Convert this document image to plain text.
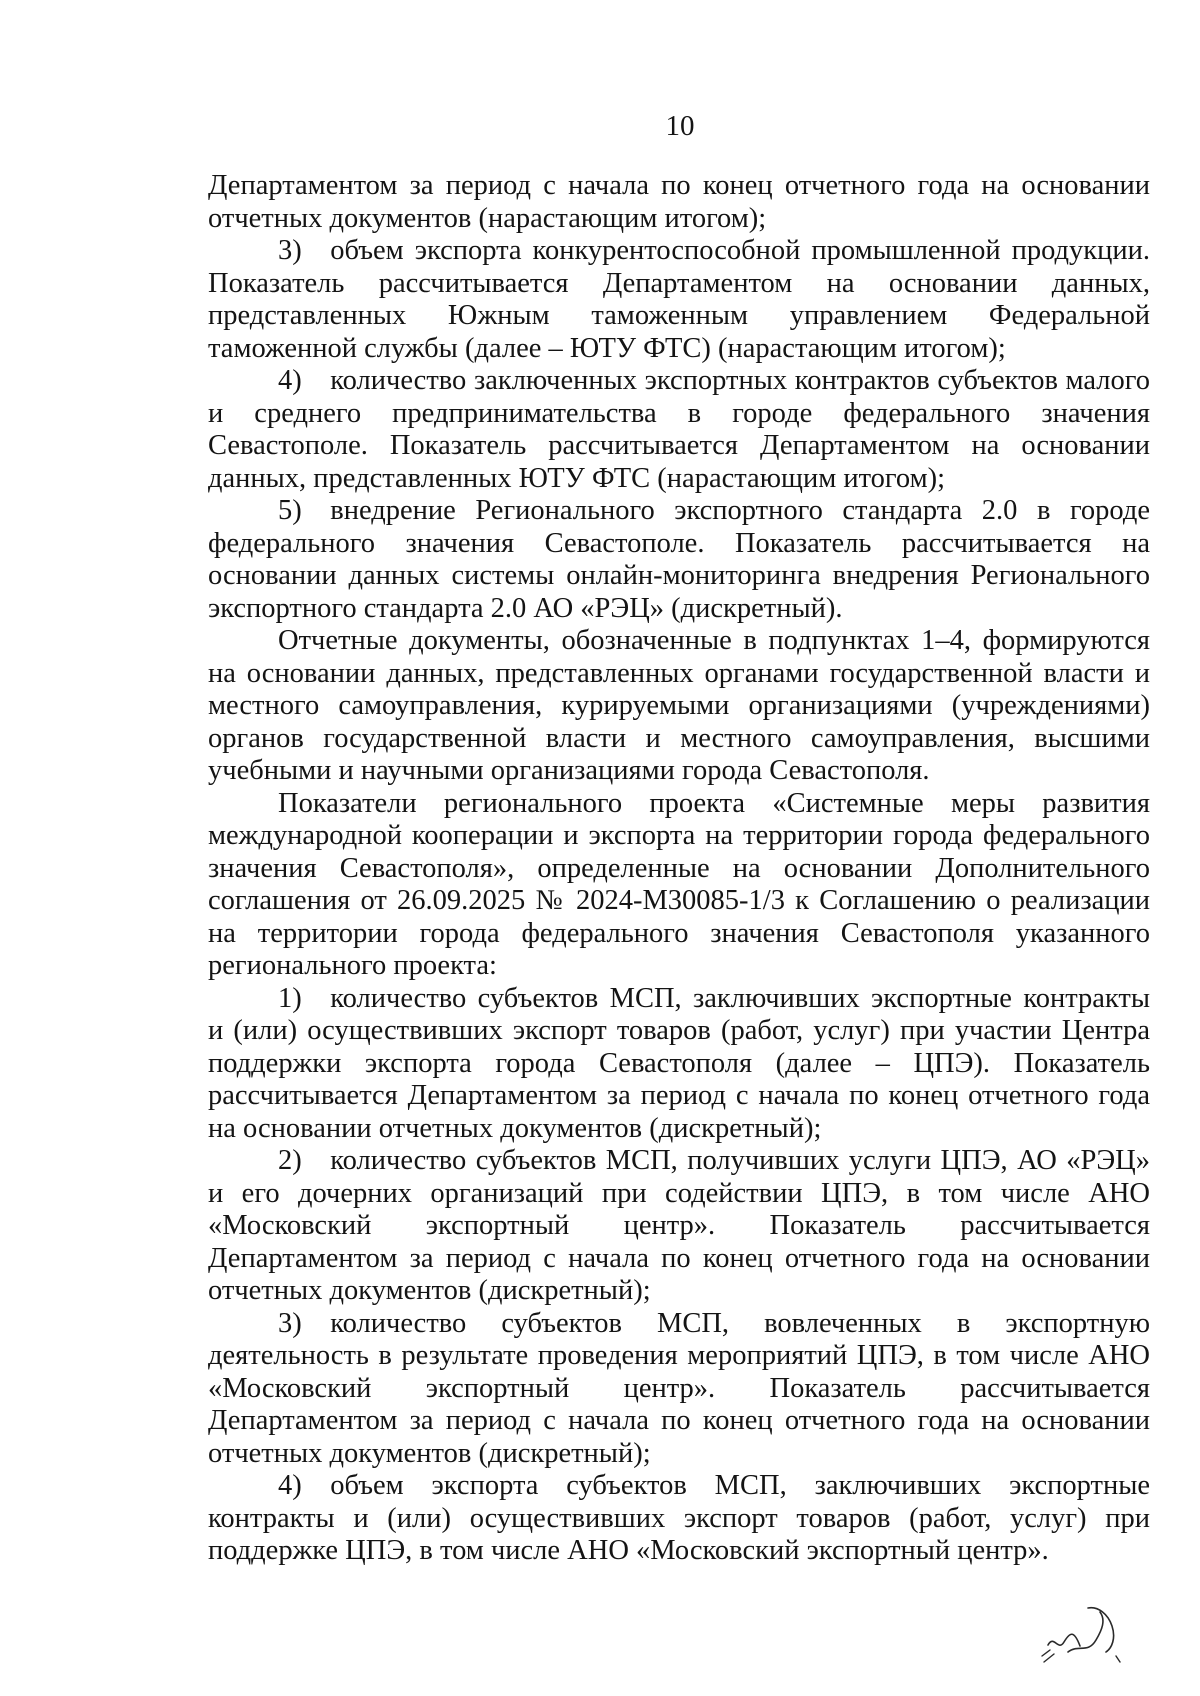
10

Департаментом за период с начала по конец отчетного года на основании отчетных документов (нарастающим итогом);

3) объем экспорта конкурентоспособной промышленной продукции. Показатель рассчитывается Департаментом на основании данных, представленных Южным таможенным управлением Федеральной таможенной службы (далее – ЮТУ ФТС) (нарастающим итогом);

4) количество заключенных экспортных контрактов субъектов малого и среднего предпринимательства в городе федерального значения Севастополе. Показатель рассчитывается Департаментом на основании данных, представленных ЮТУ ФТС (нарастающим итогом);

5) внедрение Регионального экспортного стандарта 2.0 в городе федерального значения Севастополе. Показатель рассчитывается на основании данных системы онлайн-мониторинга внедрения Регионального экспортного стандарта 2.0 АО «РЭЦ» (дискретный).

Отчетные документы, обозначенные в подпунктах 1–4, формируются на основании данных, представленных органами государственной власти и местного самоуправления, курируемыми организациями (учреждениями) органов государственной власти и местного самоуправления, высшими учебными и научными организациями города Севастополя.

Показатели регионального проекта «Системные меры развития международной кооперации и экспорта на территории города федерального значения Севастополя», определенные на основании Дополнительного соглашения от 26.09.2025 № 2024-М30085-1/3 к Соглашению о реализации на территории города федерального значения Севастополя указанного регионального проекта:

1) количество субъектов МСП, заключивших экспортные контракты и (или) осуществивших экспорт товаров (работ, услуг) при участии Центра поддержки экспорта города Севастополя (далее – ЦПЭ). Показатель рассчитывается Департаментом за период с начала по конец отчетного года на основании отчетных документов (дискретный);

2) количество субъектов МСП, получивших услуги ЦПЭ, АО «РЭЦ» и его дочерних организаций при содействии ЦПЭ, в том числе АНО «Московский экспортный центр». Показатель рассчитывается Департаментом за период с начала по конец отчетного года на основании отчетных документов (дискретный);

3) количество субъектов МСП, вовлеченных в экспортную деятельность в результате проведения мероприятий ЦПЭ, в том числе АНО «Московский экспортный центр». Показатель рассчитывается Департаментом за период с начала по конец отчетного года на основании отчетных документов (дискретный);

4) объем экспорта субъектов МСП, заключивших экспортные контракты и (или) осуществивших экспорт товаров (работ, услуг) при поддержке ЦПЭ, в том числе АНО «Московский экспортный центр».
